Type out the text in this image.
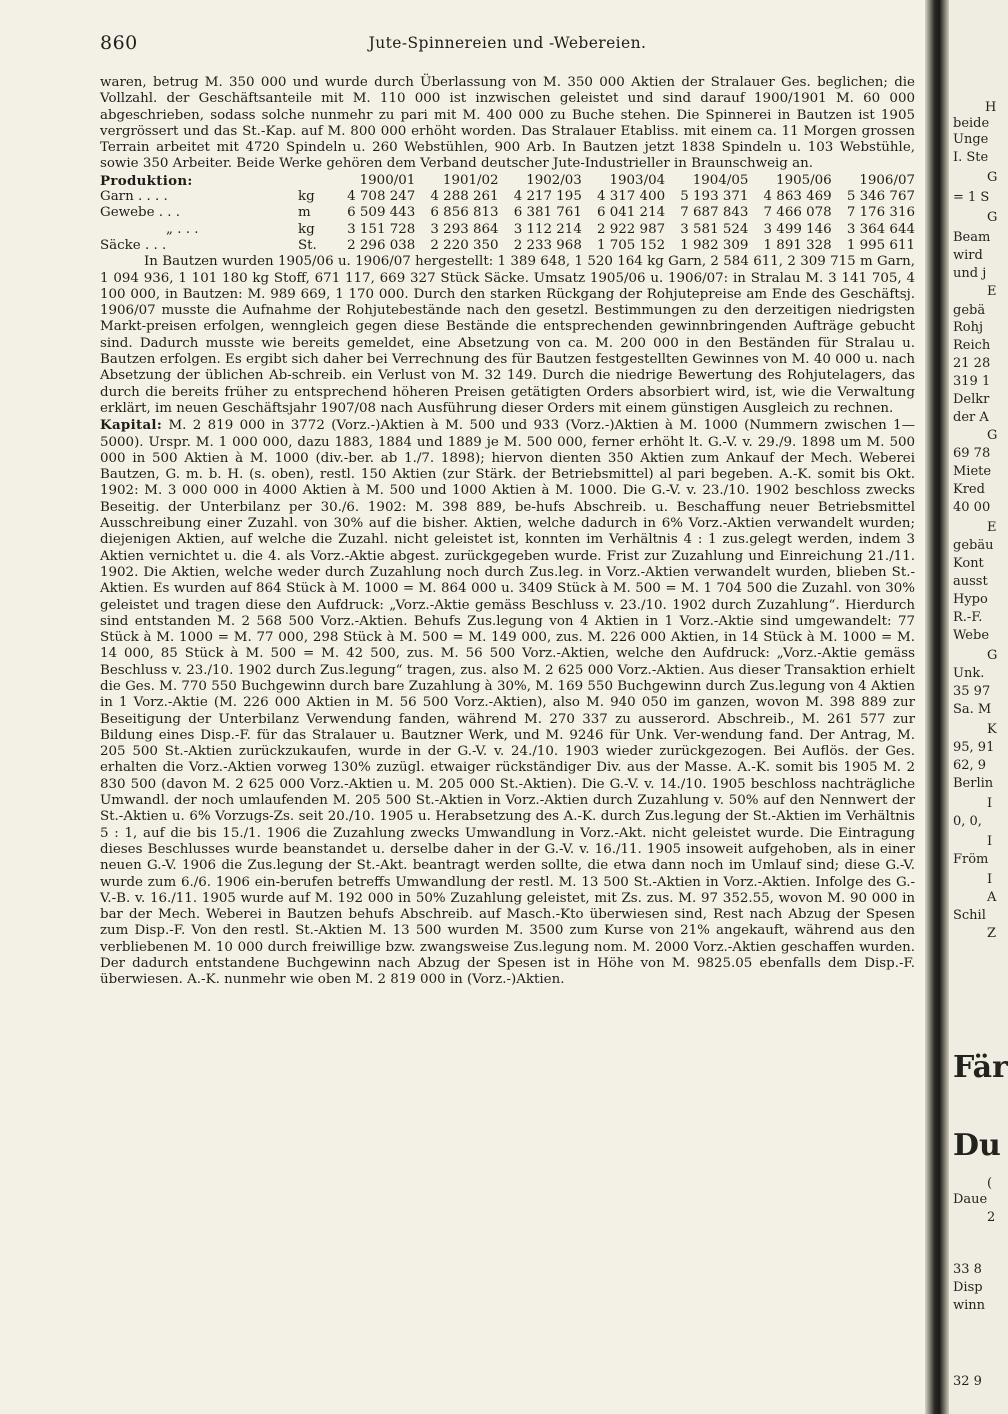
860	Jute-Spinnereien und -Webereien.

waren, betrug M. 350 000 und wurde durch Überlassung von M. 350 000 Aktien der Stralauer Ges. beglichen; die Vollzahl. der Geschäftsanteile mit M. 110 000 ist inzwischen geleistet und sind darauf 1900/1901 M. 60 000 abgeschrieben, sodass solche nunmehr zu pari mit M. 400 000 zu Buche stehen. Die Spinnerei in Bautzen ist 1905 vergrössert und das St.-Kap. auf M. 800 000 erhöht worden. Das Stralauer Etabliss. mit einem ca. 11 Morgen grossen Terrain arbeitet mit 4720 Spindeln u. 260 Webstühlen, 900 Arb. In Bautzen jetzt 1838 Spindeln u. 103 Webstühle, sowie 350 Arbeiter. Beide Werke gehören dem Verband deutscher Jute-Industrieller in Braunschweig an.

Produktion:		1900/01	1901/02	1902/03	1903/04	1904/05	1905/06	1906/07
Garn . . . .	kg	4 708 247	4 288 261	4 217 195	4 317 400	5 193 371	4 863 469	5 346 767
Gewebe . . .	m	6 509 443	6 856 813	6 381 761	6 041 214	7 687 843	7 466 078	7 176 316
„ . . .	kg	3 151 728	3 293 864	3 112 214	2 922 987	3 581 524	3 499 146	3 364 644
Säcke . . .	St.	2 296 038	2 220 350	2 233 968	1 705 152	1 982 309	1 891 328	1 995 611

In Bautzen wurden 1905/06 u. 1906/07 hergestellt: 1 389 648, 1 520 164 kg Garn, 2 584 611, 2 309 715 m Garn, 1 094 936, 1 101 180 kg Stoff, 671 117, 669 327 Stück Säcke. Umsatz 1905/06 u. 1906/07: in Stralau M. 3 141 705, 4 100 000, in Bautzen: M. 989 669, 1 170 000. Durch den starken Rückgang der Rohjutepreise am Ende des Geschäftsj. 1906/07 musste die Aufnahme der Rohjutebestände nach den gesetzl. Bestimmungen zu den derzeitigen niedrigsten Markt-preisen erfolgen, wenngleich gegen diese Bestände die entsprechenden gewinnbringenden Aufträge gebucht sind. Dadurch musste wie bereits gemeldet, eine Absetzung von ca. M. 200 000 in den Beständen für Stralau u. Bautzen erfolgen. Es ergibt sich daher bei Verrechnung des für Bautzen festgestellten Gewinnes von M. 40 000 u. nach Absetzung der üblichen Ab-schreib. ein Verlust von M. 32 149. Durch die niedrige Bewertung des Rohjutelagers, das durch die bereits früher zu entsprechend höheren Preisen getätigten Orders absorbiert wird, ist, wie die Verwaltung erklärt, im neuen Geschäftsjahr 1907/08 nach Ausführung dieser Orders mit einem günstigen Ausgleich zu rechnen.

Kapital: M. 2 819 000 in 3772 (Vorz.-)Aktien à M. 500 und 933 (Vorz.-)Aktien à M. 1000 (Nummern zwischen 1—5000). Urspr. M. 1 000 000, dazu 1883, 1884 und 1889 je M. 500 000, ferner erhöht lt. G.-V. v. 29./9. 1898 um M. 500 000 in 500 Aktien à M. 1000 (div.-ber. ab 1./7. 1898); hiervon dienten 350 Aktien zum Ankauf der Mech. Weberei Bautzen, G. m. b. H. (s. oben), restl. 150 Aktien (zur Stärk. der Betriebsmittel) al pari begeben. A.-K. somit bis Okt. 1902: M. 3 000 000 in 4000 Aktien à M. 500 und 1000 Aktien à M. 1000. Die G.-V. v. 23./10. 1902 beschloss zwecks Beseitig. der Unterbilanz per 30./6. 1902: M. 398 889, be-hufs Abschreib. u. Beschaffung neuer Betriebsmittel Ausschreibung einer Zuzahl. von 30% auf die bisher. Aktien, welche dadurch in 6% Vorz.-Aktien verwandelt wurden; diejenigen Aktien, auf welche die Zuzahl. nicht geleistet ist, konnten im Verhältnis 4 : 1 zus.gelegt werden, indem 3 Aktien vernichtet u. die 4. als Vorz.-Aktie abgest. zurückgegeben wurde. Frist zur Zuzahlung und Einreichung 21./11. 1902. Die Aktien, welche weder durch Zuzahlung noch durch Zus.leg. in Vorz.-Aktien verwandelt wurden, blieben St.-Aktien. Es wurden auf 864 Stück à M. 1000 = M. 864 000 u. 3409 Stück à M. 500 = M. 1 704 500 die Zuzahl. von 30% geleistet und tragen diese den Aufdruck: „Vorz.-Aktie gemäss Beschluss v. 23./10. 1902 durch Zuzahlung“. Hierdurch sind entstanden M. 2 568 500 Vorz.-Aktien. Behufs Zus.legung von 4 Aktien in 1 Vorz.-Aktie sind umgewandelt: 77 Stück à M. 1000 = M. 77 000, 298 Stück à M. 500 = M. 149 000, zus. M. 226 000 Aktien, in 14 Stück à M. 1000 = M. 14 000, 85 Stück à M. 500 = M. 42 500, zus. M. 56 500 Vorz.-Aktien, welche den Aufdruck: „Vorz.-Aktie gemäss Beschluss v. 23./10. 1902 durch Zus.legung“ tragen, zus. also M. 2 625 000 Vorz.-Aktien. Aus dieser Transaktion erhielt die Ges. M. 770 550 Buchgewinn durch bare Zuzahlung à 30%, M. 169 550 Buchgewinn durch Zus.legung von 4 Aktien in 1 Vorz.-Aktie (M. 226 000 Aktien in M. 56 500 Vorz.-Aktien), also M. 940 050 im ganzen, wovon M. 398 889 zur Beseitigung der Unterbilanz Verwendung fanden, während M. 270 337 zu ausserord. Abschreib., M. 261 577 zur Bildung eines Disp.-F. für das Stralauer u. Bautzner Werk, und M. 9246 für Unk. Ver-wendung fand. Der Antrag, M. 205 500 St.-Aktien zurückzukaufen, wurde in der G.-V. v. 24./10. 1903 wieder zurückgezogen. Bei Auflös. der Ges. erhalten die Vorz.-Aktien vorweg 130% zuzügl. etwaiger rückständiger Div. aus der Masse. A.-K. somit bis 1905 M. 2 830 500 (davon M. 2 625 000 Vorz.-Aktien u. M. 205 000 St.-Aktien). Die G.-V. v. 14./10. 1905 beschloss nachträgliche Umwandl. der noch umlaufenden M. 205 500 St.-Aktien in Vorz.-Aktien durch Zuzahlung v. 50% auf den Nennwert der St.-Aktien u. 6% Vorzugs-Zs. seit 20./10. 1905 u. Herabsetzung des A.-K. durch Zus.legung der St.-Aktien im Verhältnis 5 : 1, auf die bis 15./1. 1906 die Zuzahlung zwecks Umwandlung in Vorz.-Akt. nicht geleistet wurde. Die Eintragung dieses Beschlusses wurde beanstandet u. derselbe daher in der G.-V. v. 16./11. 1905 insoweit aufgehoben, als in einer neuen G.-V. 1906 die Zus.legung der St.-Akt. beantragt werden sollte, die etwa dann noch im Umlauf sind; diese G.-V. wurde zum 6./6. 1906 ein-berufen betreffs Umwandlung der restl. M. 13 500 St.-Aktien in Vorz.-Aktien. Infolge des G.-V.-B. v. 16./11. 1905 wurde auf M. 192 000 in 50% Zuzahlung geleistet, mit Zs. zus. M. 97 352.55, wovon M. 90 000 in bar der Mech. Weberei in Bautzen behufs Abschreib. auf Masch.-Kto überwiesen sind, Rest nach Abzug der Spesen zum Disp.-F. Von den restl. St.-Aktien M. 13 500 wurden M. 3500 zum Kurse von 21% angekauft, während aus den verbliebenen M. 10 000 durch freiwillige bzw. zwangsweise Zus.legung nom. M. 2000 Vorz.-Aktien geschaffen wurden. Der dadurch entstandene Buchgewinn nach Abzug der Spesen ist in Höhe von M. 9825.05 ebenfalls dem Disp.-F. überwiesen. A.-K. nunmehr wie oben M. 2 819 000 in (Vorz.-)Aktien.

H
beide
Unge
I. Ste
G
= 1 S
G
Beam
wird
und j
E
gebä
Rohj
Reich
21 28
319 1
Delkr
der A
G
69 78
Miete
Kred
40 00
E
gebäu
Kont
ausst
Hypo
R.-F.
Webe
G
Unk.
35 97
Sa. M
K
95, 91
62, 9
Berlin
I
0, 0,
I
Fröm
I
A
Schil
Z
Fär
Du
(
Daue
2
33 8
Disp
winn
32 9
